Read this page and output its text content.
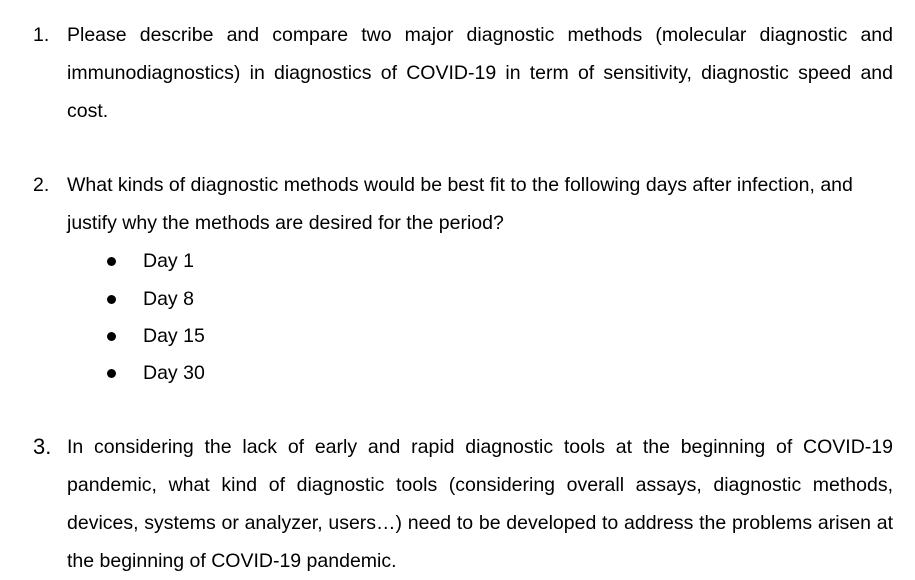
1. Please describe and compare two major diagnostic methods (molecular diagnostic and immunodiagnostics) in diagnostics of COVID-19 in term of sensitivity, diagnostic speed and cost.

2. What kinds of diagnostic methods would be best fit to the following days after infection, and justify why the methods are desired for the period?

Day 1
Day 8
Day 15
Day 30
3. In considering the lack of early and rapid diagnostic tools at the beginning of COVID-19 pandemic, what kind of diagnostic tools (considering overall assays, diagnostic methods, devices, systems or analyzer, users…) need to be developed to address the problems arisen at the beginning of COVID-19 pandemic.
